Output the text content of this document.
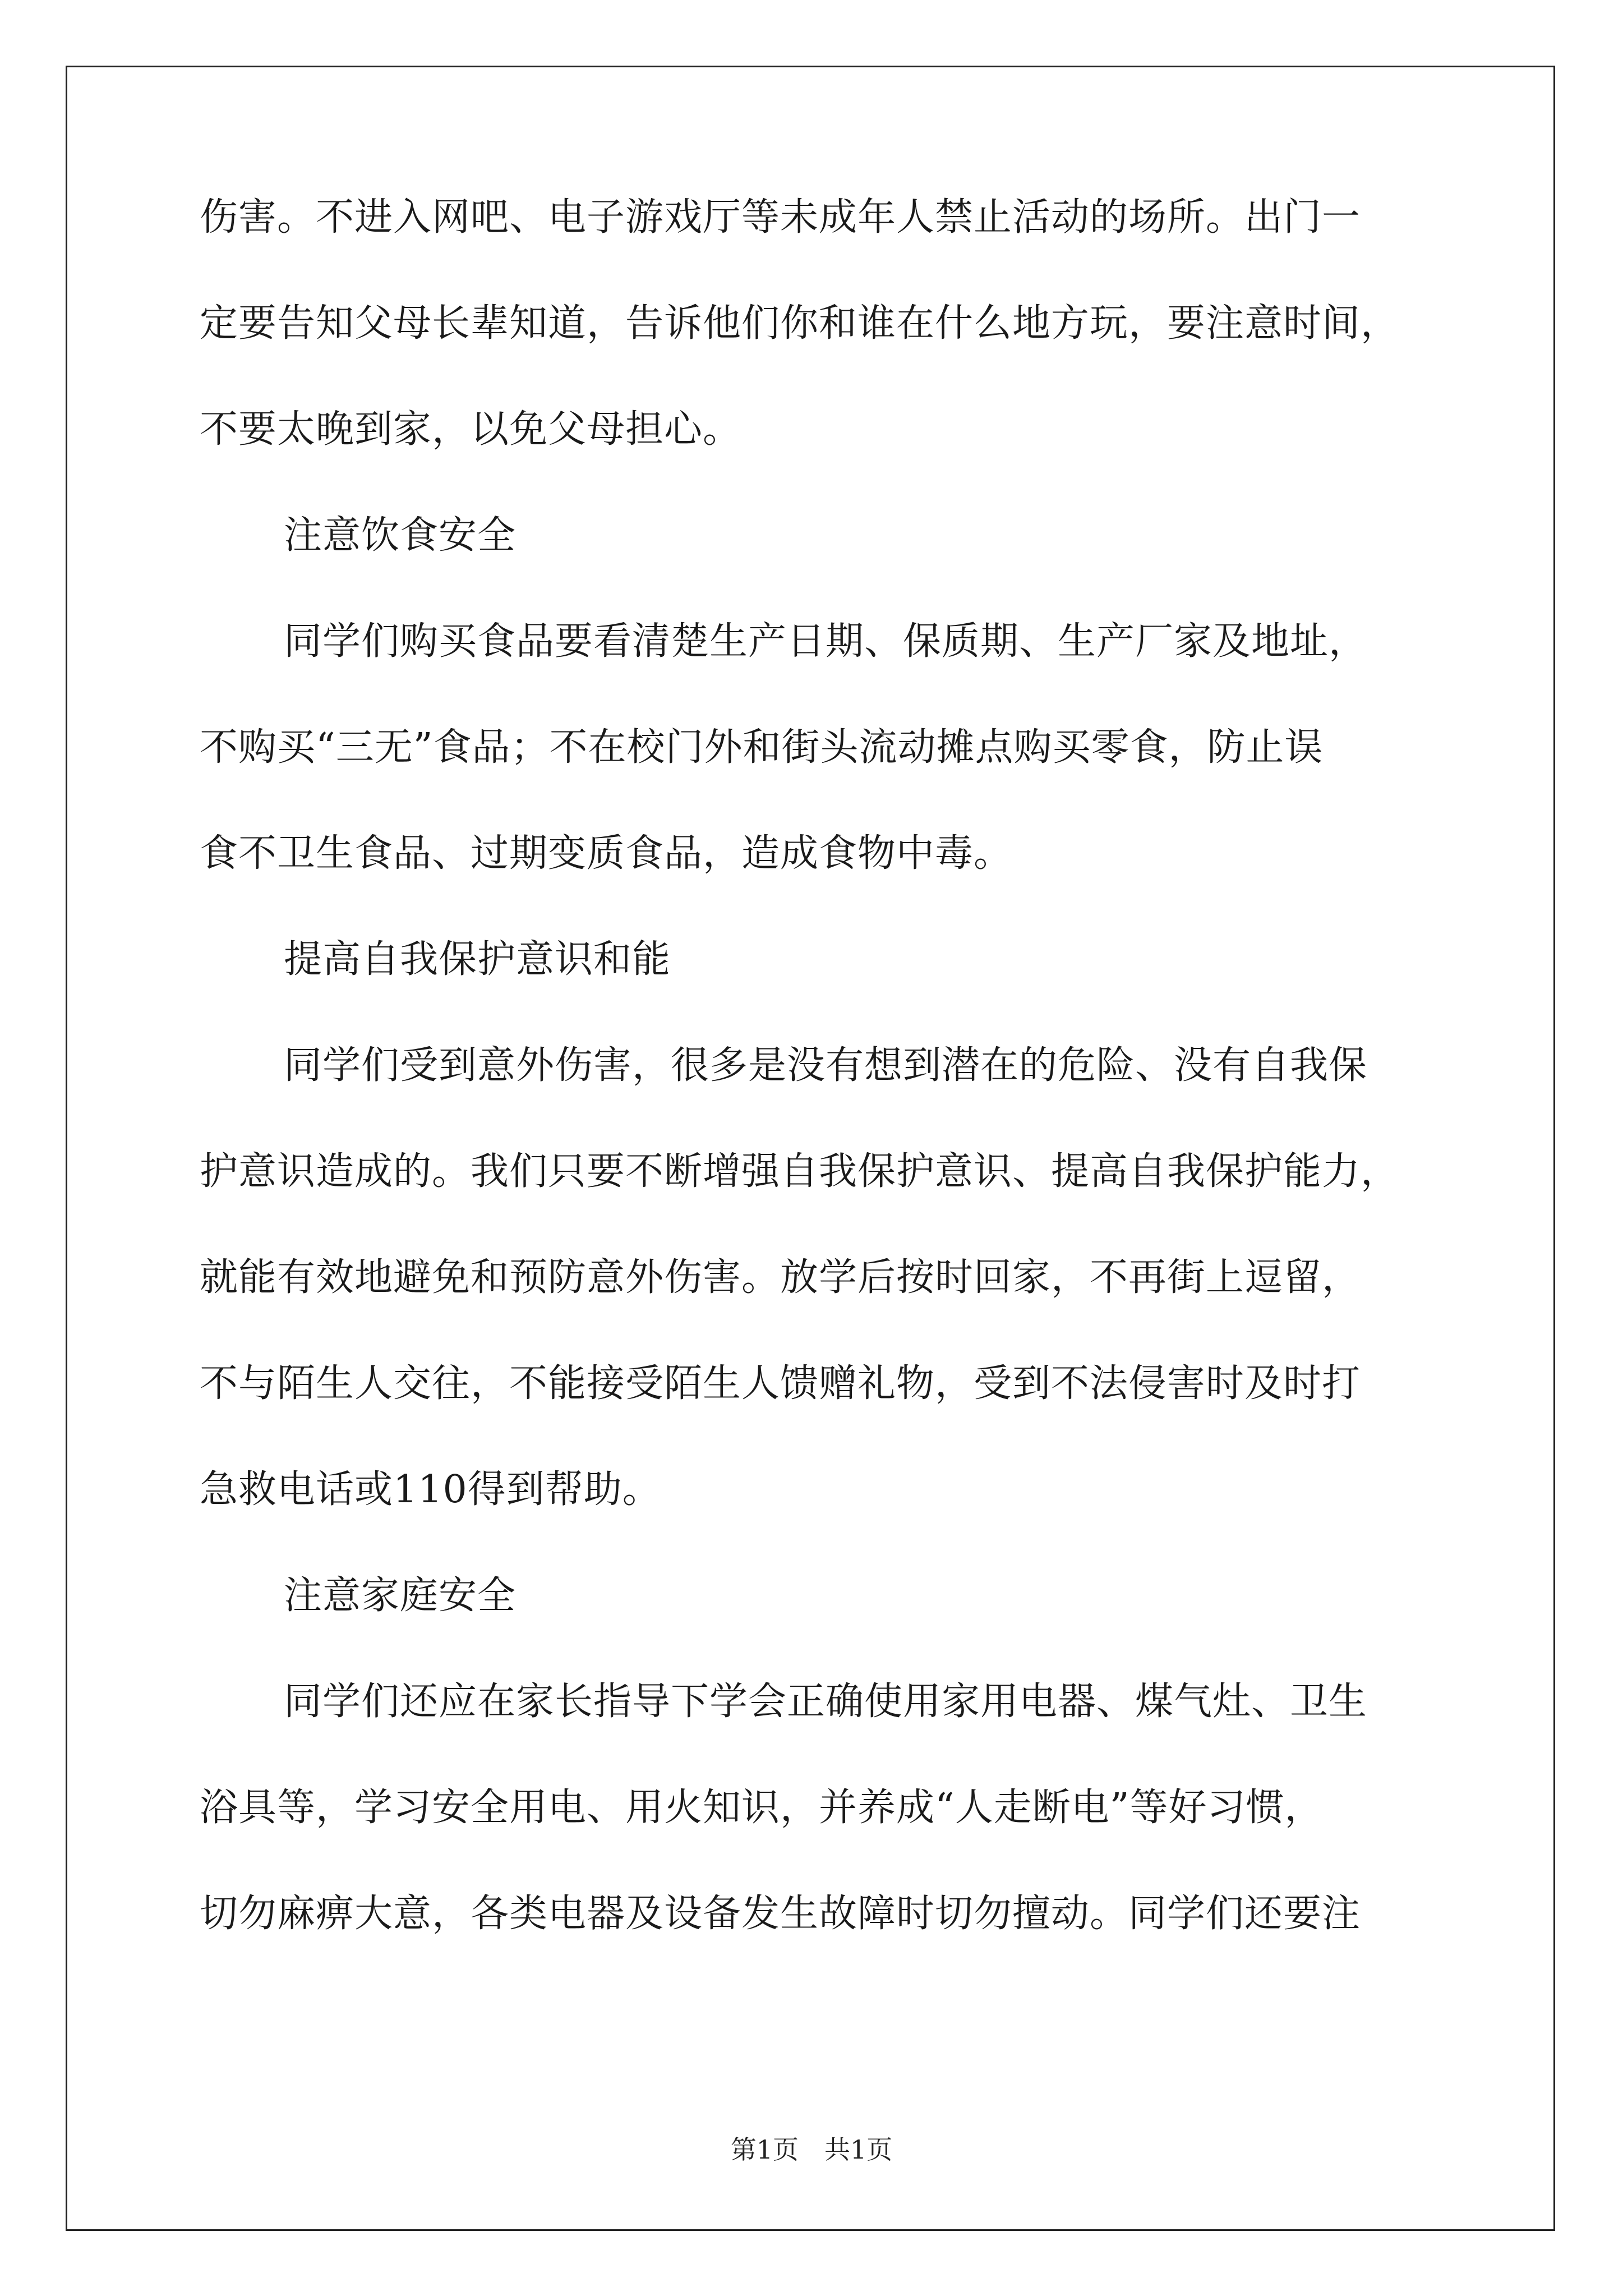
伤害。不进入网吧、电子游戏厅等未成年人禁止活动的场所。出门一
定要告知父母长辈知道，告诉他们你和谁在什么地方玩，要注意时间，
不要太晚到家，以免父母担心。
注意饮食安全
同学们购买食品要看清楚生产日期、保质期、生产厂家及地址，
不购买“三无”食品；不在校门外和街头流动摊点购买零食，防止误
食不卫生食品、过期变质食品，造成食物中毒。
提高自我保护意识和能
同学们受到意外伤害，很多是没有想到潜在的危险、没有自我保
护意识造成的。我们只要不断增强自我保护意识、提高自我保护能力，
就能有效地避免和预防意外伤害。放学后按时回家，不再街上逗留，
不与陌生人交往，不能接受陌生人馈赠礼物，受到不法侵害时及时打
急救电话或110得到帮助。
注意家庭安全
同学们还应在家长指导下学会正确使用家用电器、煤气灶、卫生
浴具等，学习安全用电、用火知识，并养成“人走断电”等好习惯，
切勿麻痹大意，各类电器及设备发生故障时切勿擅动。同学们还要注
第1页　共1页
